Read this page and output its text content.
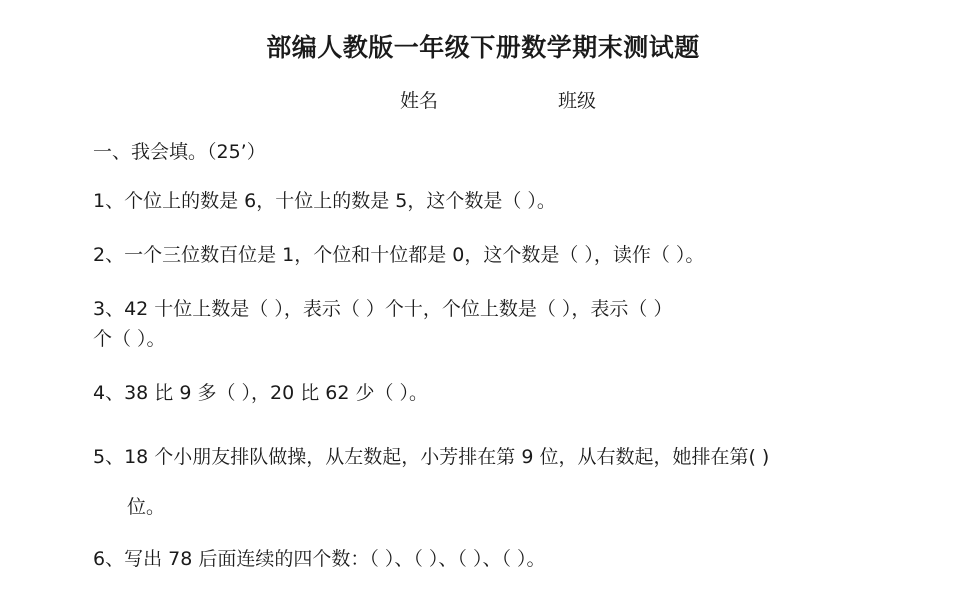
部编人教版一年级下册数学期末测试题
姓名	班级
一、我会填。（25’）
1、个位上的数是 6，十位上的数是 5，这个数是（ ）。
2、一个三位数百位是 1，个位和十位都是 0，这个数是（ ），读作（ ）。
3、42 十位上数是（ ），表示（ ）个十，个位上数是（ ），表示（ ）
个（ ）。
4、38 比 9 多（ ），20 比 62 少（ ）。
5、18 个小朋友排队做操，从左数起，小芳排在第 9 位，从右数起，她排在第( )
位。
6、写出 78 后面连续的四个数：（ ）、（ ）、（ ）、（ ）。
